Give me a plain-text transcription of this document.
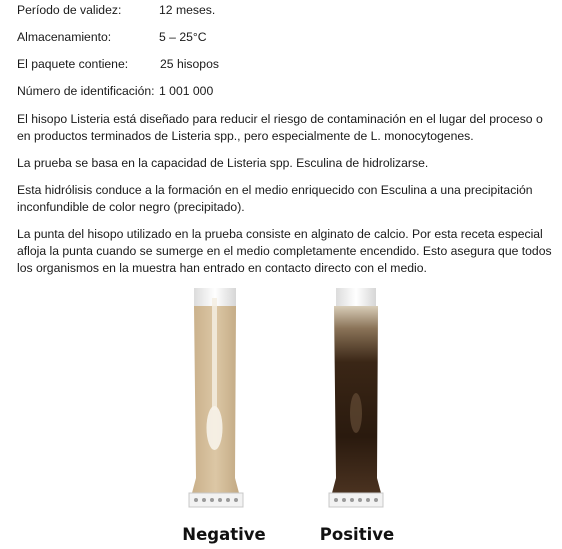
Período de validez:	12 meses.
Almacenamiento:	5 – 25°C
El paquete contiene:	25 hisopos
Número de identificación: 1 001 000
El hisopo Listeria está diseñado para reducir el riesgo de contaminación en el lugar del proceso o en productos terminados de Listeria spp., pero especialmente de L. monocytogenes.
La prueba se basa en la capacidad de Listeria spp. Esculina de hidrolizarse.
Esta hidrólisis conduce a la formación en el medio enriquecido con Esculina a una precipitación inconfundible de color negro (precipitado).
La punta del hisopo utilizado en la prueba consiste en alginato de calcio. Por esta receta especial afloja la punta cuando se sumerge en el medio completamente encendido. Esto asegura que todos los organismos en la muestra han entrado en contacto directo con el medio.
Negative	Positive
